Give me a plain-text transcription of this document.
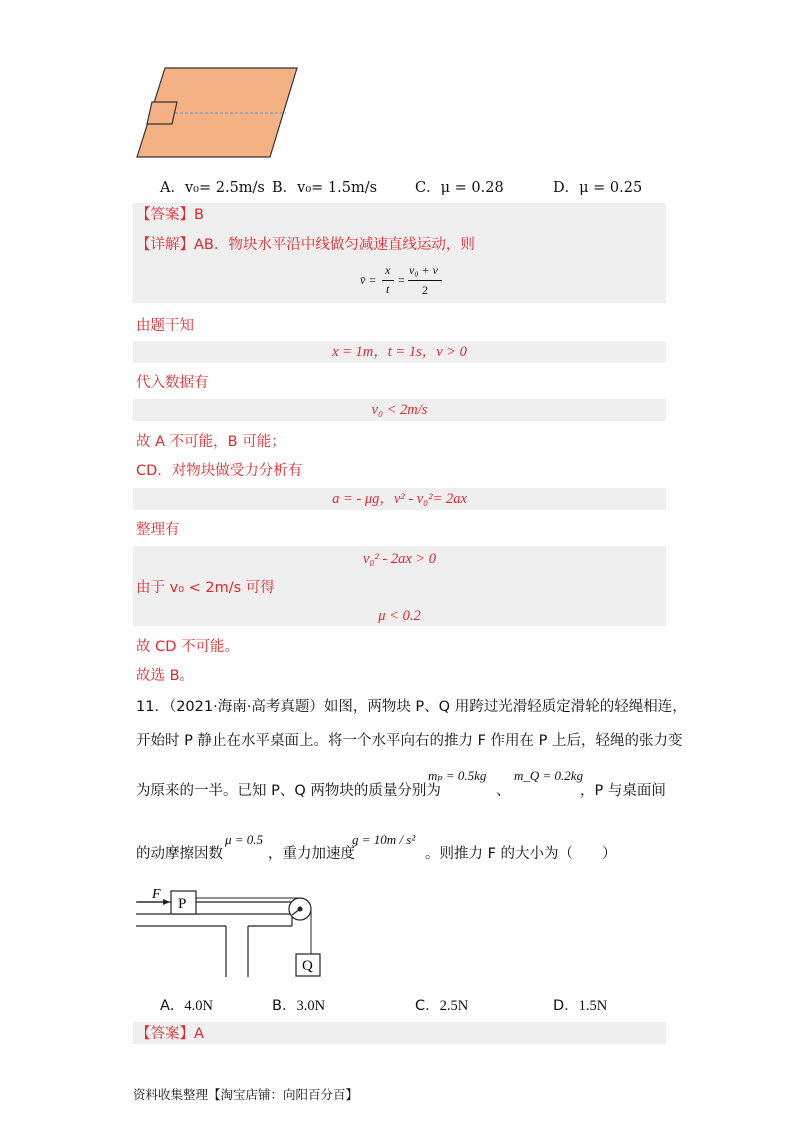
A．v₀= 2.5m/s B．v₀= 1.5m/s	C．μ = 0.28	D．μ = 0.25
【答案】B
【详解】AB．物块水平沿中线做匀减速直线运动，则
v̄ =
x
t
=
v₀ + v
2
由题干知
x = 1m，t = 1s，v > 0
代入数据有
v₀ < 2m/s
故 A 不可能，B 可能；
CD．对物块做受力分析有
a = - μg，v² - v₀²= 2ax
整理有
v₀² - 2ax > 0
由于 v₀ < 2m/s 可得
μ < 0.2
故 CD 不可能。
故选 B。
11．（2021·海南·高考真题）如图，两物块 P、Q 用跨过光滑轻质定滑轮的轻绳相连，
开始时 P 静止在水平桌面上。将一个水平向右的推力 F 作用在 P 上后，轻绳的张力变
为原来的一半。已知 P、Q 两物块的质量分别为
mₚ = 0.5kg
、
m_Q = 0.2kg
，P 与桌面间
的动摩擦因数
μ = 0.5
，重力加速度
g = 10m / s²
。则推力 F 的大小为（　　）
F
P
Q
A．4.0N	B．3.0N	C．2.5N	D．1.5N
【答案】A
资料收集整理【淘宝店铺：向阳百分百】
